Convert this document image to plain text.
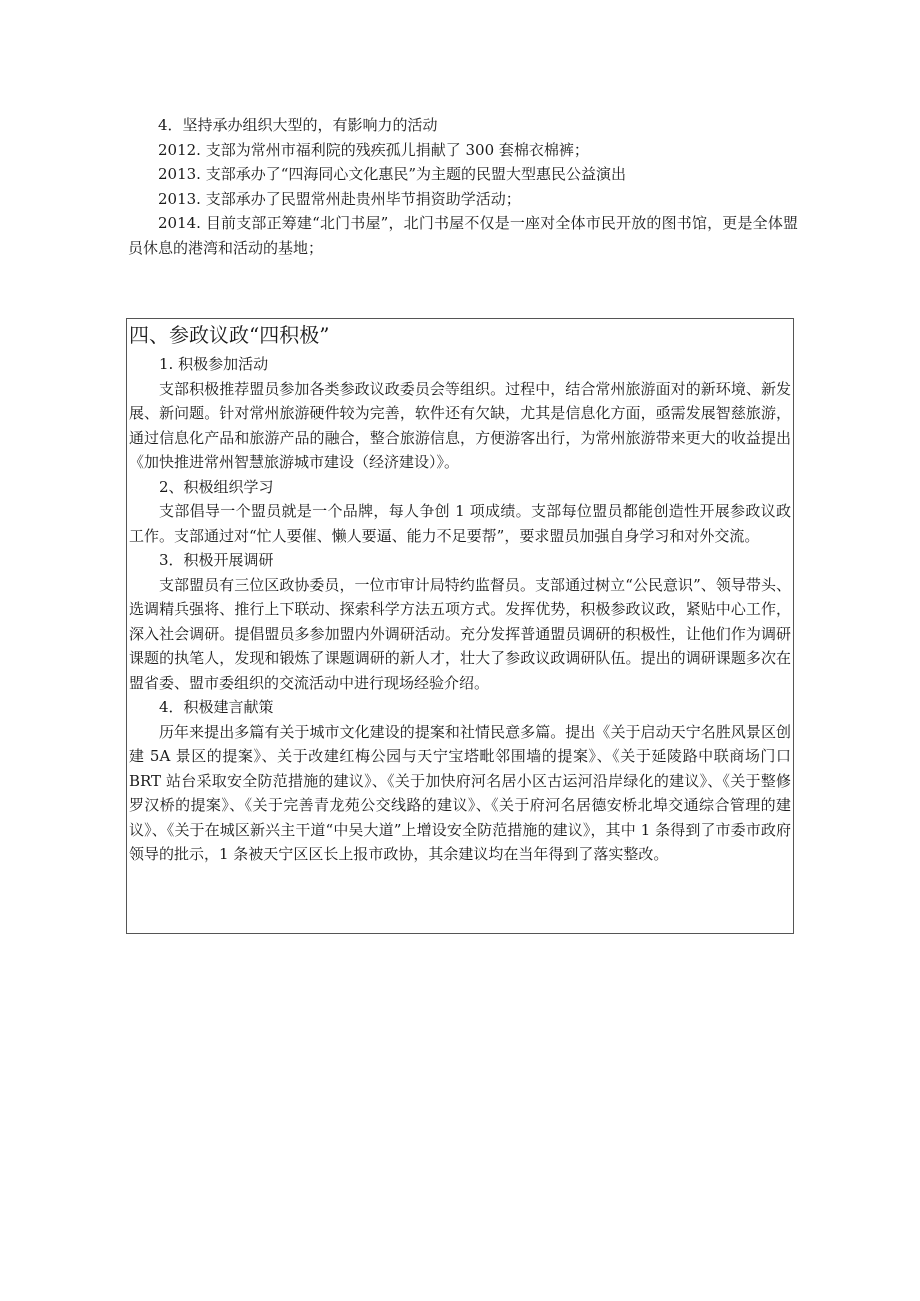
4．坚持承办组织大型的，有影响力的活动
2012. 支部为常州市福利院的残疾孤儿捐献了 300 套棉衣棉裤；
2013. 支部承办了“四海同心文化惠民”为主题的民盟大型惠民公益演出
2013. 支部承办了民盟常州赴贵州毕节捐资助学活动；
2014. 目前支部正筹建“北门书屋”，北门书屋不仅是一座对全体市民开放的图书馆，更是全体盟员休息的港湾和活动的基地；
四、参政议政“四积极”
1. 积极参加活动
支部积极推荐盟员参加各类参政议政委员会等组织。过程中，结合常州旅游面对的新环境、新发展、新问题。针对常州旅游硬件较为完善，软件还有欠缺，尤其是信息化方面，亟需发展智慈旅游，通过信息化产品和旅游产品的融合，整合旅游信息，方便游客出行，为常州旅游带来更大的收益提出《加快推进常州智慧旅游城市建设（经济建设）》。
2、积极组织学习
支部倡导一个盟员就是一个品牌，每人争创 1 项成绩。支部每位盟员都能创造性开展参政议政工作。支部通过对“忙人要催、懒人要逼、能力不足要帮”，要求盟员加强自身学习和对外交流。
3．积极开展调研
支部盟员有三位区政协委员，一位市审计局特约监督员。支部通过树立“公民意识”、领导带头、选调精兵强将、推行上下联动、探索科学方法五项方式。发挥优势，积极参政议政，紧贴中心工作，深入社会调研。提倡盟员多参加盟内外调研活动。充分发挥普通盟员调研的积极性，让他们作为调研课题的执笔人，发现和锻炼了课题调研的新人才，壮大了参政议政调研队伍。提出的调研课题多次在盟省委、盟市委组织的交流活动中进行现场经验介绍。
4．积极建言献策
历年来提出多篇有关于城市文化建设的提案和社情民意多篇。提出《关于启动天宁名胜风景区创建 5A 景区的提案》、关于改建红梅公园与天宁宝塔毗邻围墙的提案》、《关于延陵路中联商场门口 BRT 站台采取安全防范措施的建议》、《关于加快府河名居小区古运河沿岸绿化的建议》、《关于整修罗汉桥的提案》、《关于完善青龙苑公交线路的建议》、《关于府河名居德安桥北埠交通综合管理的建议》、《关于在城区新兴主干道“中吴大道”上增设安全防范措施的建议》，其中 1 条得到了市委市政府领导的批示，1 条被天宁区区长上报市政协，其余建议均在当年得到了落实整改。
